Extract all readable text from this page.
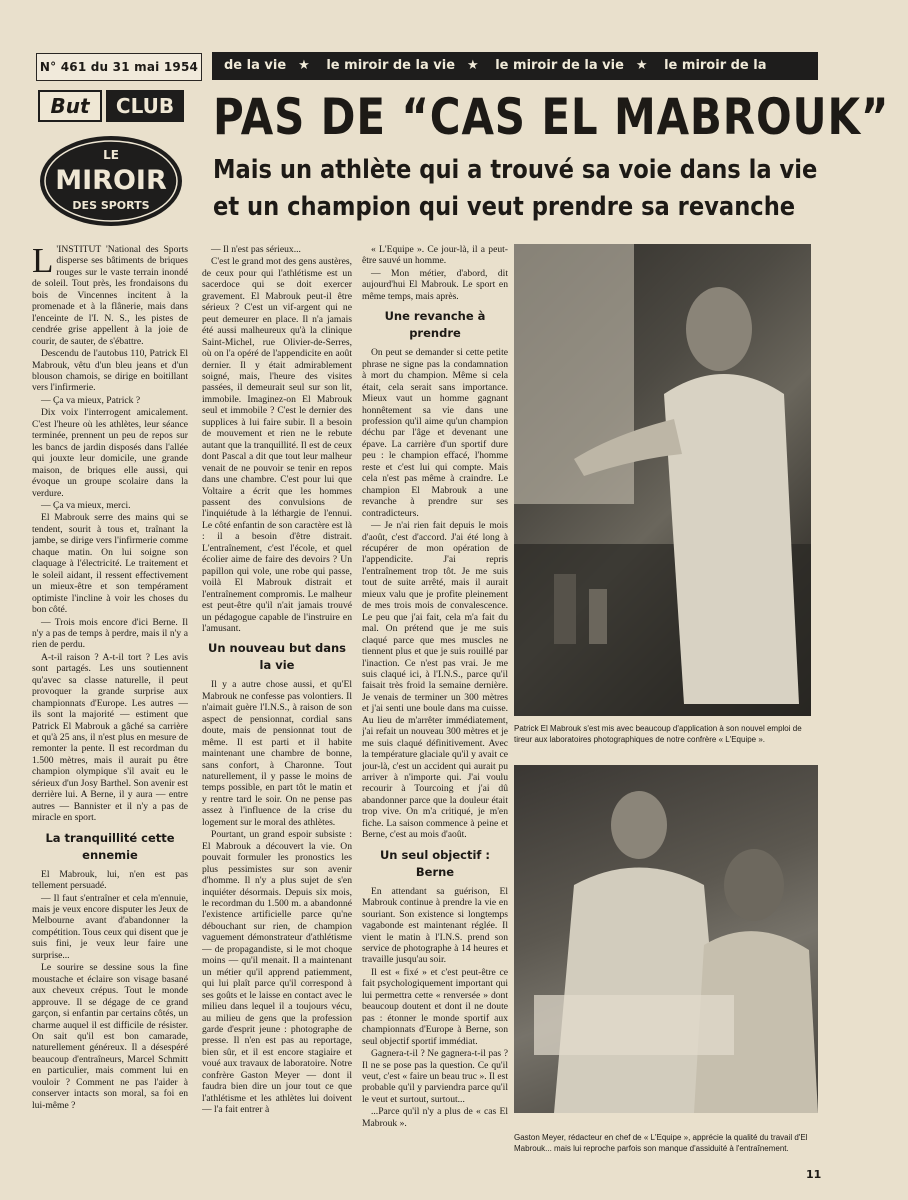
N° 461 du 31 mai 1954	de la vie ★ le miroir de la vie ★ le miroir de la vie ★ le miroir de la
But	CLUB
LE
MIROIR
DES SPORTS
PAS DE “CAS EL MABROUK”
Mais un athlète qui a trouvé sa voie dans la vie et un champion qui veut prendre sa revanche

L 'INSTITUT 'National des Sports disperse ses bâtiments de briques rouges sur le vaste terrain inondé de soleil. Tout près, les frondaisons du bois de Vincennes incitent à la promenade et à la flânerie, mais dans l'enceinte de l'I. N. S., les pistes de cendrée grise appellent à la joie de courir, de sauter, de s'ébattre.

Descendu de l'autobus 110, Patrick El Mabrouk, vêtu d'un bleu jeans et d'un blouson chamois, se dirige en boitillant vers l'infirmerie.

— Ça va mieux, Patrick ?

Dix voix l'interrogent amicalement. C'est l'heure où les athlètes, leur séance terminée, prennent un peu de repos sur les bancs de jardin disposés dans l'allée qui jouxte leur domicile, une grande maison, de briques elle aussi, qui évoque un groupe scolaire dans la verdure.

— Ça va mieux, merci.

El Mabrouk serre des mains qui se tendent, sourit à tous et, traînant la jambe, se dirige vers l'infirmerie comme chaque matin. On lui soigne son claquage à l'électricité. Le traitement et le soleil aidant, il ressent effectivement un mieux-être et son tempérament optimiste l'incline à voir les choses du bon côté.

— Trois mois encore d'ici Berne. Il n'y a pas de temps à perdre, mais il n'y a rien de perdu.

A-t-il raison ? A-t-il tort ? Les avis sont partagés. Les uns soutiennent qu'avec sa classe naturelle, il peut provoquer la grande surprise aux championnats d'Europe. Les autres — ils sont la majorité — estiment que Patrick El Mabrouk a gâché sa carrière et qu'à 25 ans, il n'est plus en mesure de remonter la pente. Il est recordman du 1.500 mètres, mais il aurait pu être champion olympique s'il avait eu le sérieux d'un Josy Barthel. Son avenir est derrière lui. A Berne, il y aura — entre autres — Bannister et il n'y a pas de miracle en sport.

La tranquillité cette ennemie

El Mabrouk, lui, n'en est pas tellement persuadé.

— Il faut s'entraîner et cela m'ennuie, mais je veux encore disputer les Jeux de Melbourne avant d'abandonner la compétition. Tous ceux qui disent que je suis fini, je veux leur faire une surprise...

Le sourire se dessine sous la fine moustache et éclaire son visage basané aux cheveux crépus. Tout le monde approuve. Il se dégage de ce grand garçon, si enfantin par certains côtés, un charme auquel il est difficile de résister. On sait qu'il est bon camarade, naturellement généreux. Il a désespéré beaucoup d'entraîneurs, Marcel Schmitt en particulier, mais comment lui en vouloir ? Comment ne pas l'aider à conserver intacts son moral, sa foi en lui-même ?

— Il n'est pas sérieux...

C'est le grand mot des gens austères, de ceux pour qui l'athlétisme est un sacerdoce qui se doit exercer gravement. El Mabrouk peut-il être sérieux ? C'est un vif-argent qui ne peut demeurer en place. Il n'a jamais été aussi malheureux qu'à la clinique Saint-Michel, rue Olivier-de-Serres, où on l'a opéré de l'appendicite en août dernier. Il y était admirablement soigné, mais, l'heure des visites passées, il demeurait seul sur son lit, immobile. Imaginez-on El Mabrouk seul et immobile ? C'est le dernier des supplices à lui faire subir. Il a besoin de mouvement et rien ne le rebute autant que la tranquillité. Il est de ceux dont Pascal a dit que tout leur malheur venait de ne pouvoir se tenir en repos dans une chambre. C'est pour lui que Voltaire a écrit que les hommes passent des convulsions de l'inquiétude à la léthargie de l'ennui. Le côté enfantin de son caractère est là : il a besoin d'être distrait. L'entraînement, c'est l'école, et quel écolier aime de faire des devoirs ? Un papillon qui vole, une robe qui passe, voilà El Mabrouk distrait et l'entraînement compromis. Le malheur est peut-être qu'il n'ait jamais trouvé un pédagogue capable de l'instruire en l'amusant.

Un nouveau but dans la vie

Il y a autre chose aussi, et qu'El Mabrouk ne confesse pas volontiers. Il n'aimait guère l'I.N.S., à raison de son aspect de pensionnat, cordial sans doute, mais de pensionnat tout de même. Il est parti et il habite maintenant une chambre de bonne, sans confort, à Charonne. Tout naturellement, il y passe le moins de temps possible, en part tôt le matin et y rentre tard le soir. On ne pense pas assez à l'influence de la crise du logement sur le moral des athlètes.

Pourtant, un grand espoir subsiste : El Mabrouk a découvert la vie. On pouvait formuler les pronostics les plus pessimistes sur son avenir d'homme. Il n'y a plus sujet de s'en inquiéter désormais. Depuis six mois, le recordman du 1.500 m. a abandonné l'existence artificielle parce qu'ne débouchant sur rien, de champion vaguement démonstrateur d'athlétisme — de propagandiste, si le mot choque moins — qu'il menait. Il a maintenant un métier qu'il apprend patiemment, qui lui plaît parce qu'il correspond à ses goûts et le laisse en contact avec le milieu dans lequel il a toujours vécu, au milieu de gens que la profession garde d'esprit jeune : photographe de presse. Il n'en est pas au reportage, bien sûr, et il est encore stagiaire et voué aux travaux de laboratoire. Notre confrère Gaston Meyer — dont il faudra bien dire un jour tout ce que l'athlétisme et les athlètes lui doivent — l'a fait entrer à

« L'Equipe ». Ce jour-là, il a peut-être sauvé un homme.

— Mon métier, d'abord, dit aujourd'hui El Mabrouk. Le sport en même temps, mais après.

Une revanche à prendre

On peut se demander si cette petite phrase ne signe pas la condamnation à mort du champion. Même si cela était, cela serait sans importance. Mieux vaut un homme gagnant honnêtement sa vie dans une profession qu'il aime qu'un champion déchu par l'âge et devenant une épave. La carrière d'un sportif dure peu : le champion effacé, l'homme reste et c'est lui qui compte. Mais cela n'est pas même à craindre. Le champion El Mabrouk a une revanche à prendre sur ses contradicteurs.

— Je n'ai rien fait depuis le mois d'août, c'est d'accord. J'ai été long à récupérer de mon opération de l'appendicite. J'ai repris l'entraînement trop tôt. Je me suis tout de suite arrêté, mais il aurait mieux valu que je profite pleinement de mes trois mois de convalescence. Le peu que j'ai fait, cela m'a fait du mal. On prétend que je me suis claqué parce que mes muscles ne tiennent plus et que je suis rouillé par l'inaction. Ce n'est pas vrai. Je me suis claqué ici, à l'I.N.S., parce qu'il faisait très froid la semaine dernière. Je venais de terminer un 300 mètres et j'ai senti une boule dans ma cuisse. Au lieu de m'arrêter immédiatement, j'ai refait un nouveau 300 mètres et je me suis claqué définitivement. Avec la température glaciale qu'il y avait ce jour-là, c'est un accident qui aurait pu arriver à n'importe qui. J'ai voulu recourir à Tourcoing et j'ai dû abandonner parce que la douleur était trop vive. On m'a critiqué, je m'en fiche. La saison commence à peine et Berne, c'est au mois d'août.

Un seul objectif : Berne

En attendant sa guérison, El Mabrouk continue à prendre la vie en souriant. Son existence si longtemps vagabonde est maintenant réglée. Il vient le matin à l'I.N.S. prend son service de photographe à 14 heures et travaille jusqu'au soir.

Il est « fixé » et c'est peut-être ce fait psychologiquement important qui lui permettra cette « renversée » dont beaucoup doutent et dont il ne doute pas : étonner le monde sportif aux championnats d'Europe à Berne, son seul objectif sportif immédiat.

Gagnera-t-il ? Ne gagnera-t-il pas ? Il ne se pose pas la question. Ce qu'il veut, c'est « faire un beau truc ». Il est probable qu'il y parviendra parce qu'il le veut et surtout, surtout...

...Parce qu'il n'y a plus de « cas El Mabrouk ».

Patrick El Mabrouk s'est mis avec beaucoup d'application à son nouvel emploi de tireur aux laboratoires photographiques de notre confrère « L'Equipe ».
Gaston Meyer, rédacteur en chef de « L'Equipe », apprécie la qualité du travail d'El Mabrouk... mais lui reproche parfois son manque d'assiduité à l'entraînement.
11
